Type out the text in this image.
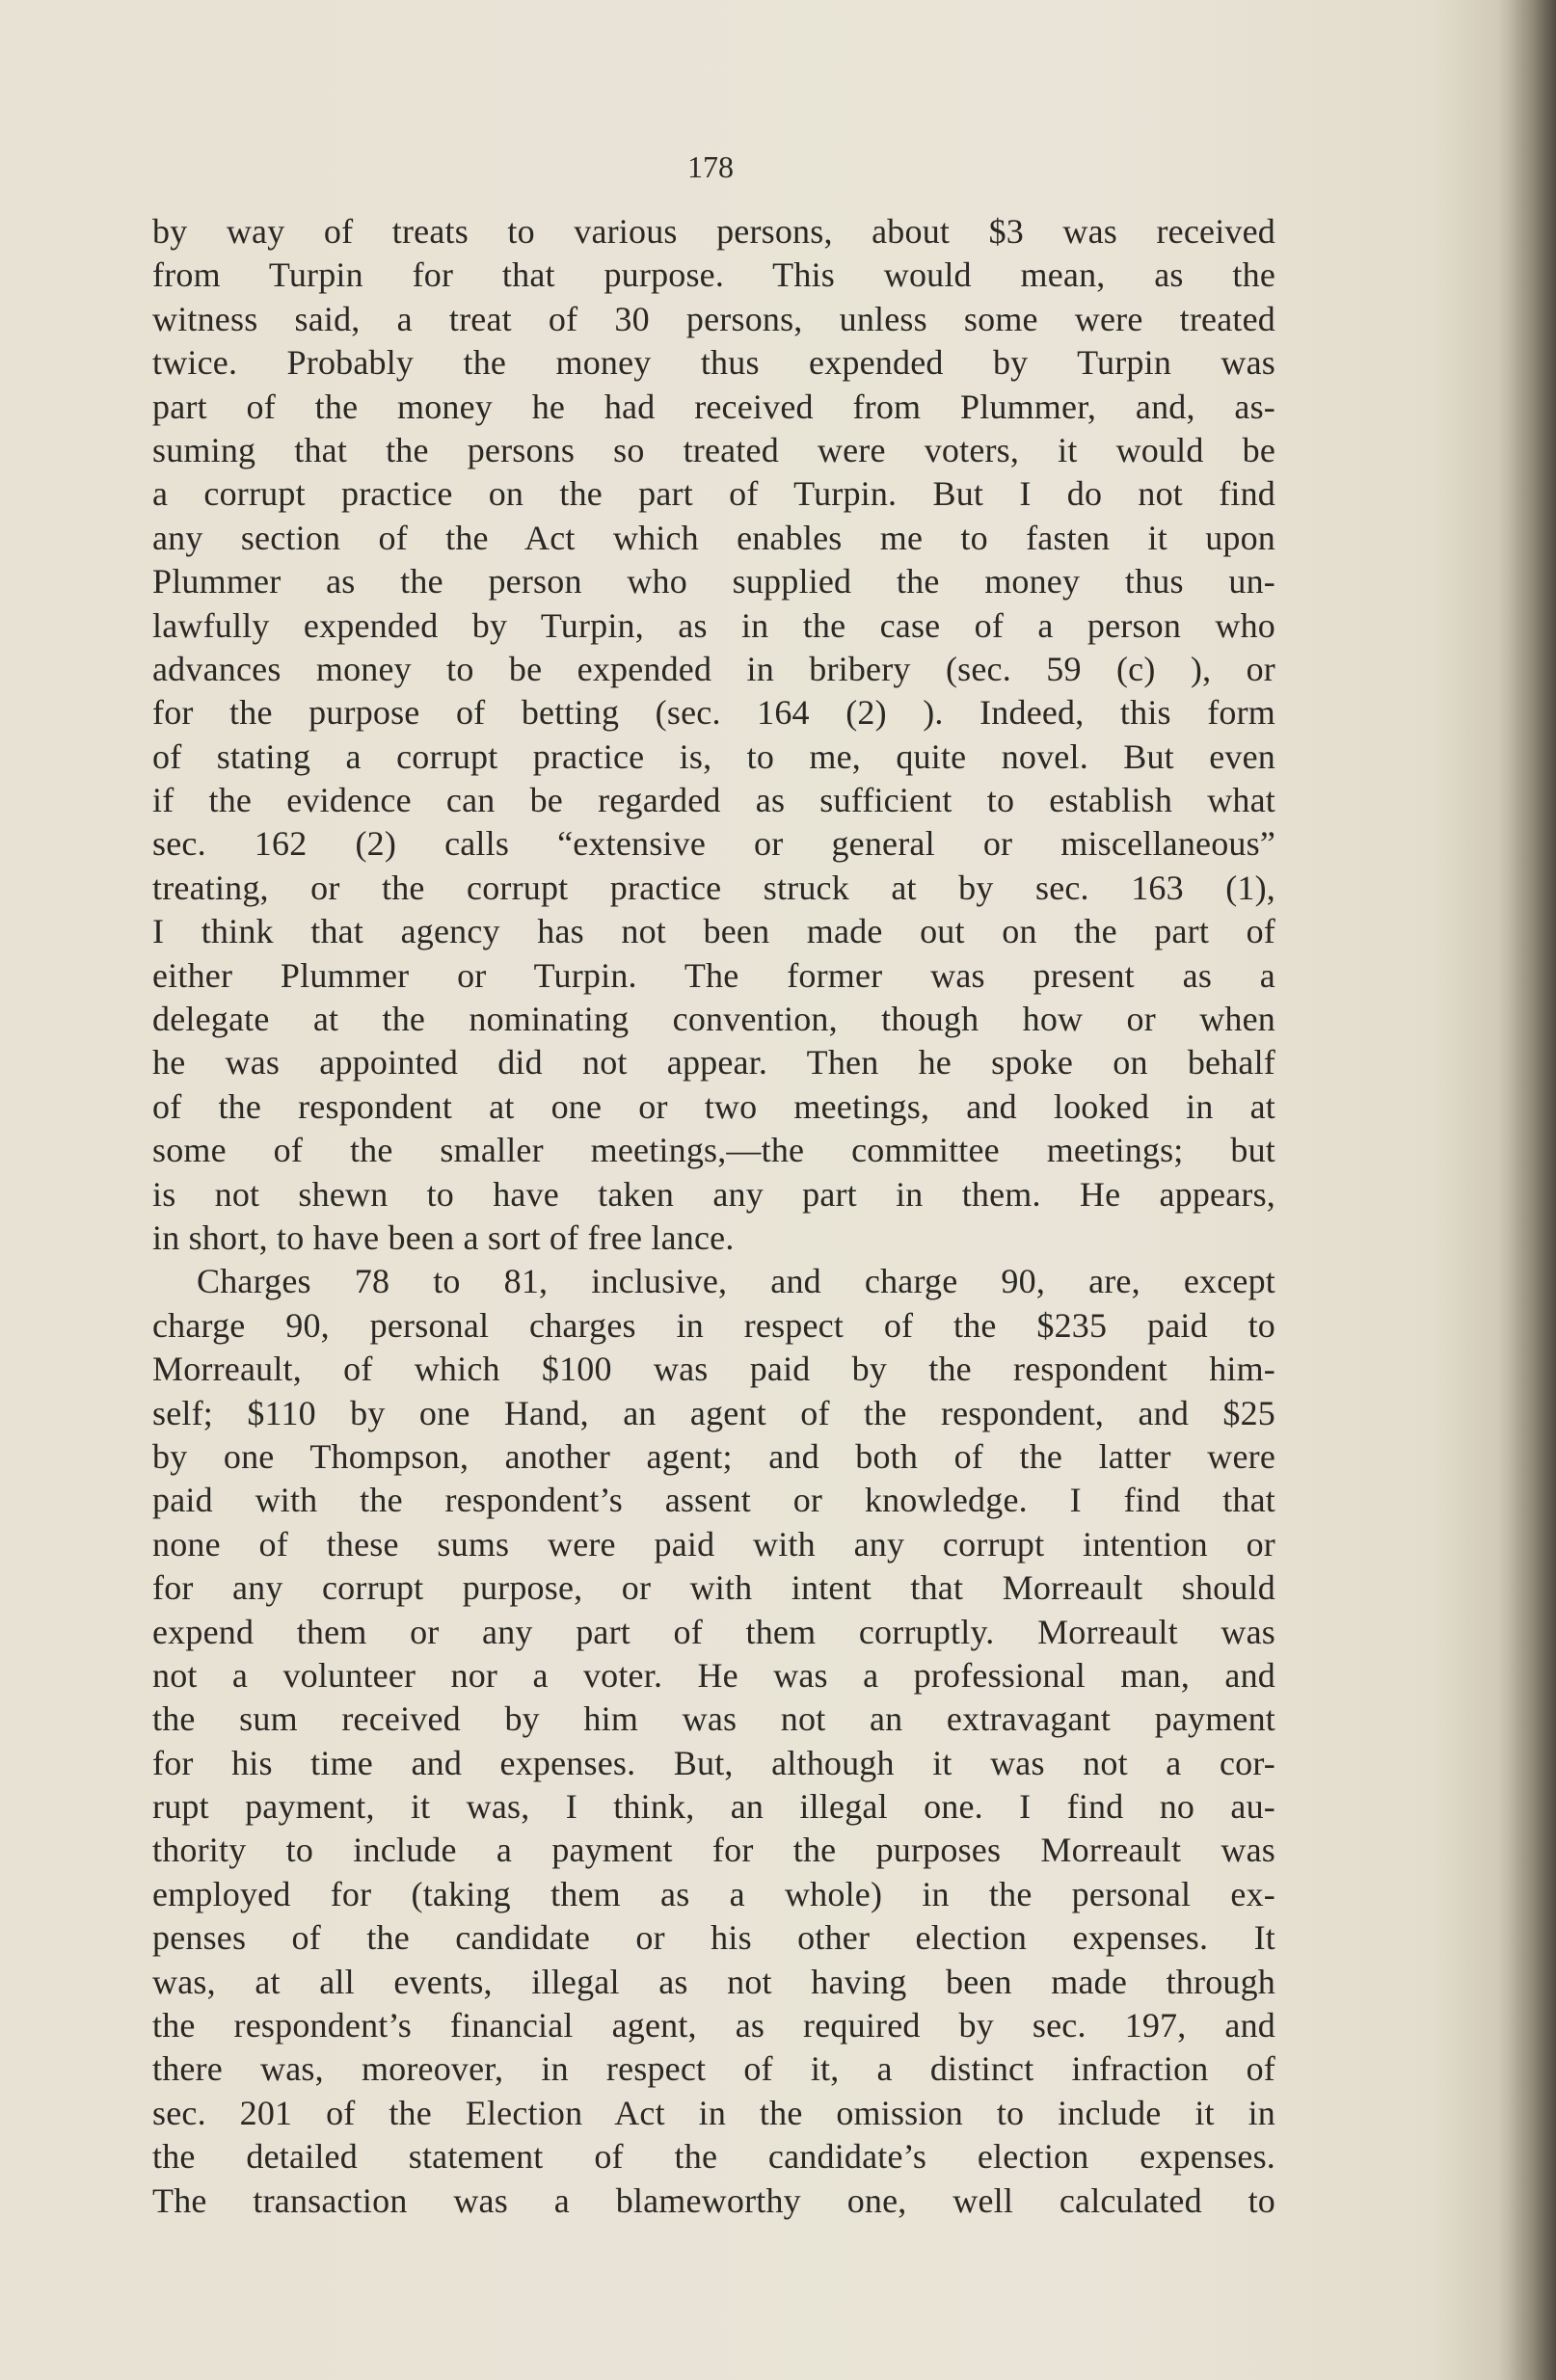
178

by way of treats to various persons, about $3 was received
from Turpin for that purpose. This would mean, as the
witness said, a treat of 30 persons, unless some were treated
twice. Probably the money thus expended by Turpin was
part of the money he had received from Plummer, and, as-
suming that the persons so treated were voters, it would be
a corrupt practice on the part of Turpin. But I do not find
any section of the Act which enables me to fasten it upon
Plummer as the person who supplied the money thus un-
lawfully expended by Turpin, as in the case of a person who
advances money to be expended in bribery (sec. 59 (c) ), or
for the purpose of betting (sec. 164 (2) ). Indeed, this form
of stating a corrupt practice is, to me, quite novel. But even
if the evidence can be regarded as sufficient to establish what
sec. 162 (2) calls “extensive or general or miscellaneous”
treating, or the corrupt practice struck at by sec. 163 (1),
I think that agency has not been made out on the part of
either Plummer or Turpin. The former was present as a
delegate at the nominating convention, though how or when
he was appointed did not appear. Then he spoke on behalf
of the respondent at one or two meetings, and looked in at
some of the smaller meetings,—the committee meetings; but
is not shewn to have taken any part in them. He appears,
in short, to have been a sort of free lance.
Charges 78 to 81, inclusive, and charge 90, are, except
charge 90, personal charges in respect of the $235 paid to
Morreault, of which $100 was paid by the respondent him-
self; $110 by one Hand, an agent of the respondent, and $25
by one Thompson, another agent; and both of the latter were
paid with the respondent’s assent or knowledge. I find that
none of these sums were paid with any corrupt intention or
for any corrupt purpose, or with intent that Morreault should
expend them or any part of them corruptly. Morreault was
not a volunteer nor a voter. He was a professional man, and
the sum received by him was not an extravagant payment
for his time and expenses. But, although it was not a cor-
rupt payment, it was, I think, an illegal one. I find no au-
thority to include a payment for the purposes Morreault was
employed for (taking them as a whole) in the personal ex-
penses of the candidate or his other election expenses. It
was, at all events, illegal as not having been made through
the respondent’s financial agent, as required by sec. 197, and
there was, moreover, in respect of it, a distinct infraction of
sec. 201 of the Election Act in the omission to include it in
the detailed statement of the candidate’s election expenses.
The transaction was a blameworthy one, well calculated to
